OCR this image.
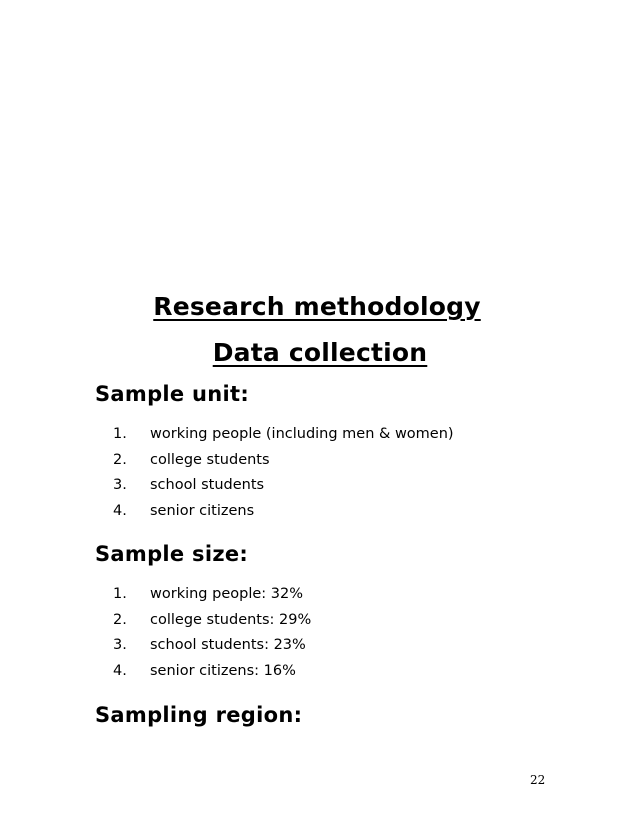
Research methodology
Data collection
Sample unit:
1. working people (including men & women)
2. college students
3. school students
4. senior citizens
Sample size:
1. working people: 32%
2. college students: 29%
3. school students: 23%
4. senior citizens: 16%
Sampling region:
22
